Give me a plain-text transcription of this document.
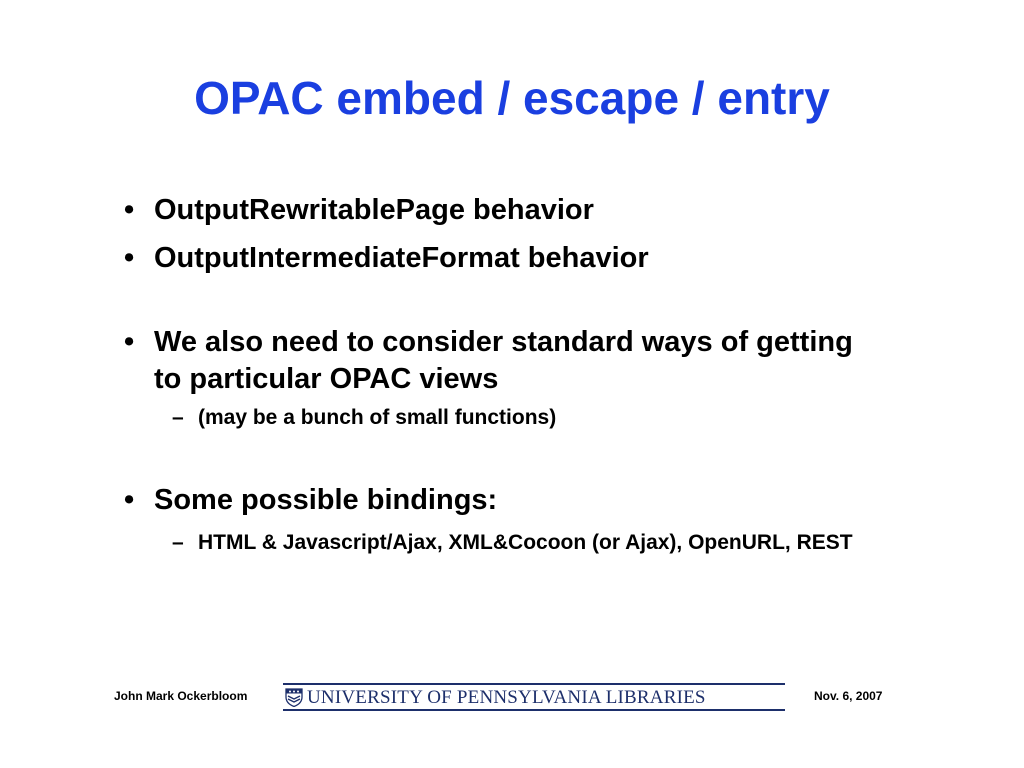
OPAC embed / escape / entry
• OutputRewritablePage behavior
• OutputIntermediateFormat behavior
• We also need to consider standard ways of getting to particular OPAC views
– (may be a bunch of small functions)
• Some possible bindings:
– HTML & Javascript/Ajax, XML&Cocoon (or Ajax), OpenURL, REST
John Mark Ockerbloom	UNIVERSITY OF PENNSYLVANIA LIBRARIES	Nov. 6, 2007
